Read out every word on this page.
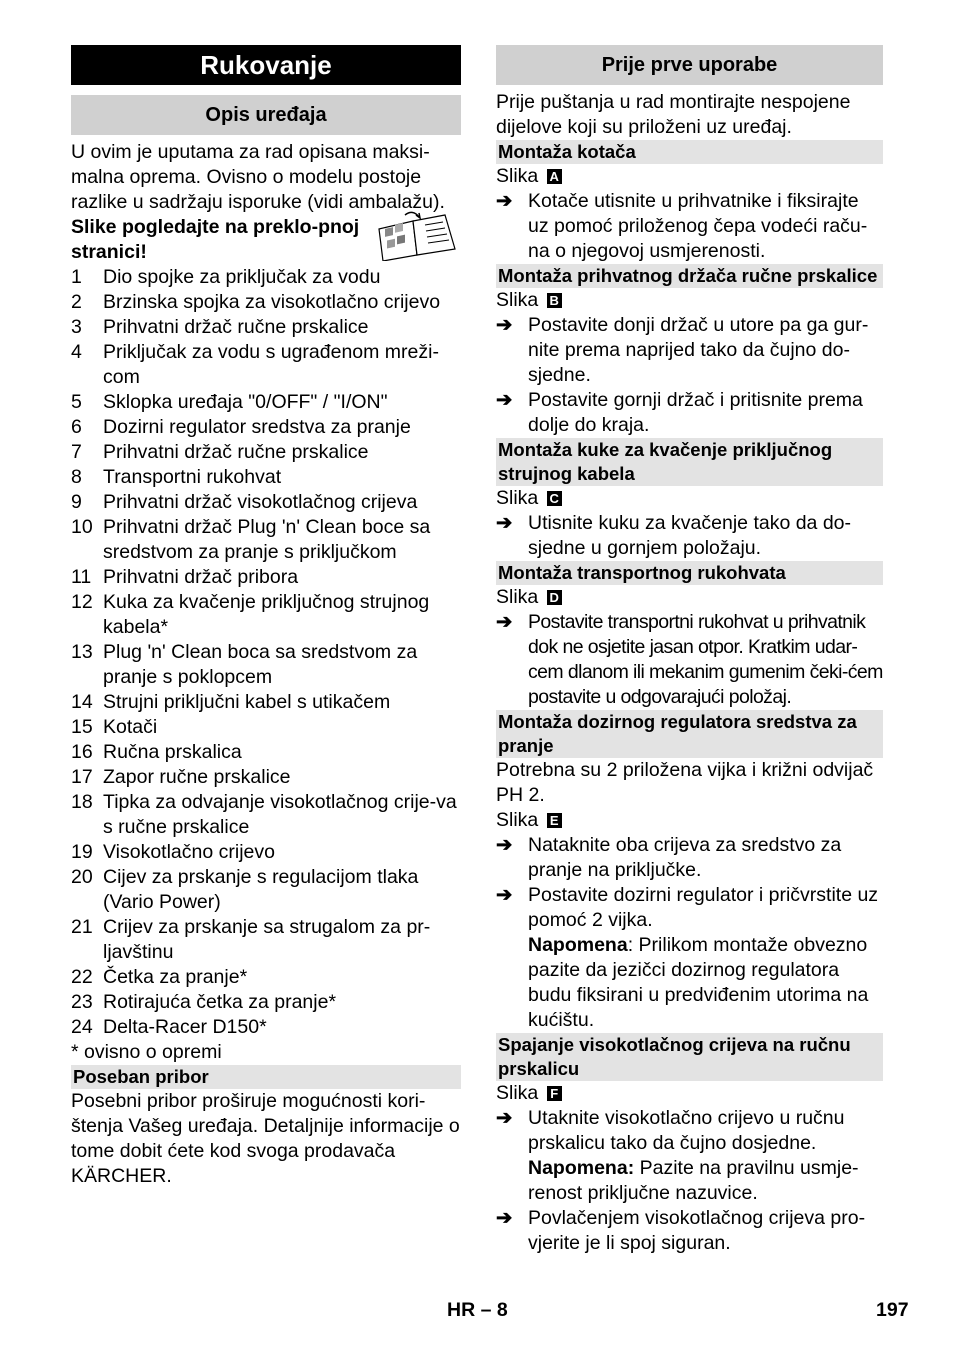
Rukovanje
Opis uređaja

U ovim je uputama za rad opisana maksi-malna oprema. Ovisno o modelu postoje razlike u sadržaju isporuke (vidi ambalažu).

Slike pogledajte na preklo-pnoj stranici!
1	Dio spojke za priključak za vodu
2	Brzinska spojka za visokotlačno crijevo
3	Prihvatni držač ručne prskalice
4	Priključak za vodu s ugrađenom mreži-com
5	Sklopka uređaja "0/OFF" / "I/ON"
6	Dozirni regulator sredstva za pranje
7	Prihvatni držač ručne prskalice
8	Transportni rukohvat
9	Prihvatni držač visokotlačnog crijeva
10 Prihvatni držač Plug 'n' Clean boce sa sredstvom za pranje s priključkom
11 Prihvatni držač pribora
12 Kuka za kvačenje priključnog strujnog kabela*
13 Plug 'n' Clean boca sa sredstvom za pranje s poklopcem
14 Strujni priključni kabel s utikačem
15 Kotači
16 Ručna prskalica
17 Zapor ručne prskalice
18 Tipka za odvajanje visokotlačnog crije-va s ručne prskalice
19 Visokotlačno crijevo
20 Cijev za prskanje s regulacijom tlaka (Vario Power)
21 Crijev za prskanje sa strugalom za pr-ljavštinu
22 Četka za pranje*
23 Rotirajuća četka za pranje*
24 Delta-Racer D150*

* ovisno o opremi

Poseban pribor

Posebni pribor proširuje mogućnosti kori-štenja Vašeg uređaja. Detaljnije informacije o tome dobit ćete kod svoga prodavača KÄRCHER.

Prije prve uporabe

Prije puštanja u rad montirajte nespojene dijelove koji su priloženi uz uređaj.

Montaža kotača

Slika A

➔ Kotače utisnite u prihvatnike i fiksirajte uz pomoć priloženog čepa vodeći raču-na o njegovoj usmjerenosti.
Montaža prihvatnog držača ručne prskalice

Slika B

➔ Postavite donji držač u utore pa ga gur-nite prema naprijed tako da čujno do-sjedne.
➔ Postavite gornji držač i pritisnite prema dolje do kraja.
Montaža kuke za kvačenje priključnog strujnog kabela

Slika C

➔ Utisnite kuku za kvačenje tako da do-sjedne u gornjem položaju.
Montaža transportnog rukohvata

Slika D

➔ Postavite transportni rukohvat u prihvatnik dok ne osjetite jasan otpor. Kratkim udar-cem dlanom ili mekanim gumenim čeki-ćem postavite u odgovarajući položaj.
Montaža dozirnog regulatora sredstva za pranje

Potrebna su 2 priložena vijka i križni odvijač PH 2.

Slika E

➔ Nataknite oba crijeva za sredstvo za pranje na priključke.
➔ Postavite dozirni regulator i pričvrstite uz pomoć 2 vijka.

Napomena: Prilikom montaže obvezno pazite da jezičci dozirnog regulatora budu fiksirani u predviđenim utorima na kućištu.

Spajanje visokotlačnog crijeva na ručnu prskalicu

Slika F

➔ Utaknite visokotlačno crijevo u ručnu prskalicu tako da čujno dosjedne.

Napomena: Pazite na pravilnu usmje-renost priključne nazuvice.

➔ Povlačenjem visokotlačnog crijeva pro-vjerite je li spoj siguran.
HR – 8	197
